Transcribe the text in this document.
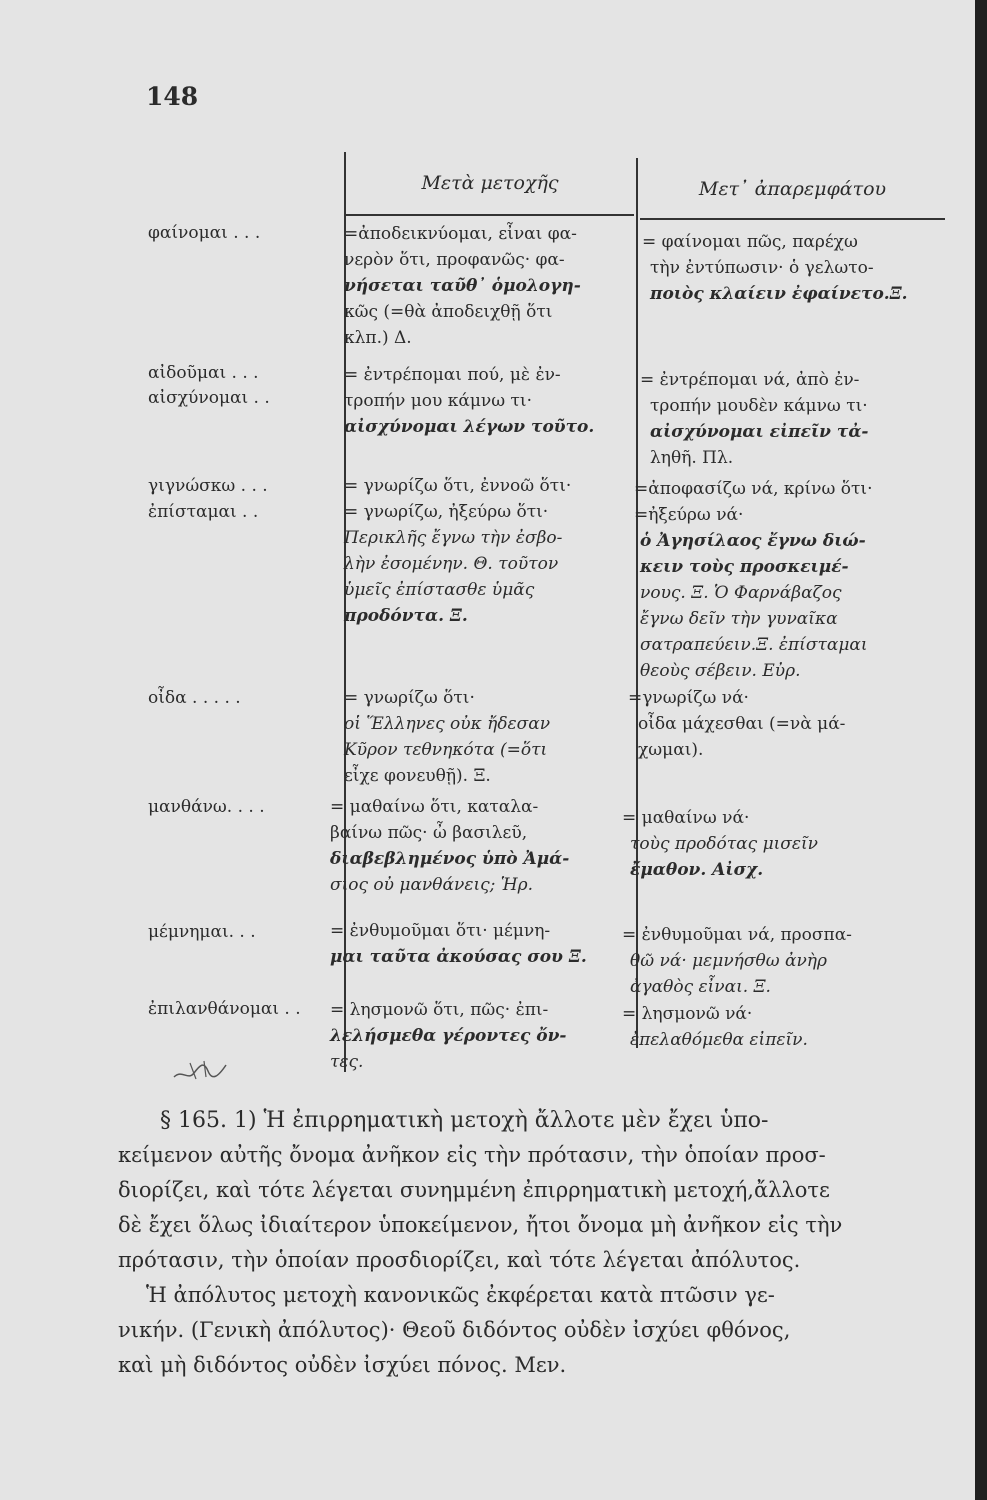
148
Μετὰ μετοχῆς	Μετ᾽ ἀπαρεμφάτου
φαίνομαι . . .
αἰδοῦμαι . . .
αἰσχύνομαι . .
γιγνώσκω . . .
ἐπίσταμαι . .
οἶδα . . . . .
μανθάνω. . . .
μέμνημαι. . .
ἐπιλανθάνομαι . .
=ἀποδεικνύομαι, εἶναι φα-
νερὸν ὅτι, προφανῶς· φα-
νήσεται ταῦθ᾽ ὁμολογη-
κῶς (=θὰ ἀποδειχθῇ ὅτι
κλπ.) Δ.
= ἐντρέπομαι πού, μὲ ἐν-
τροπήν μου κάμνω τι·
αἰσχύνομαι λέγων τοῦτο.
= γνωρίζω ὅτι, ἐννοῶ ὅτι·
= γνωρίζω, ἠξεύρω ὅτι·
Περικλῆς ἔγνω τὴν ἐσβο-
λὴν ἐσομένην. Θ. τοῦτον
ὑμεῖς ἐπίστασθε ὑμᾶς
προδόντα. Ξ.
= γνωρίζω ὅτι·
οἱ Ἕλληνες οὐκ ἤδεσαν
Κῦρον τεθνηκότα (=ὅτι
εἶχε φονευθῇ). Ξ.
= μαθαίνω ὅτι, καταλα-
βαίνω πῶς· ὦ βασιλεῦ,
διαβεβλημένος ὑπὸ Ἀμά-
σιος οὐ μανθάνεις; Ἡρ.
= ἐνθυμοῦμαι ὅτι· μέμνη-
μαι ταῦτα ἀκούσας σου Ξ.
= λησμονῶ ὅτι, πῶς· ἐπι-
λελήσμεθα γέροντες ὄν-
τες.
= φαίνομαι πῶς, παρέχω
τὴν ἐντύπωσιν· ὁ γελωτο-
ποιὸς κλαίειν ἐφαίνετο.Ξ.
= ἐντρέπομαι νά, ἀπὸ ἐν-
τροπήν μουδὲν κάμνω τι·
αἰσχύνομαι εἰπεῖν τἀ-
ληθῆ. Πλ.
=ἀποφασίζω νά, κρίνω ὅτι·
=ἠξεύρω νά·
ὁ Ἀγησίλαος ἔγνω διώ-
κειν τοὺς προσκειμέ-
νους. Ξ. Ὁ Φαρνάβαζος
ἔγνω δεῖν τὴν γυναῖκα
σατραπεύειν.Ξ. ἐπίσταμαι
θεοὺς σέβειν. Εὐρ.
=γνωρίζω νά·
οἶδα μάχεσθαι (=νὰ μά-
χωμαι).
= μαθαίνω νά·
τοὺς προδότας μισεῖν
ἔμαθον. Αἰσχ.
= ἐνθυμοῦμαι νά, προσπα-
θῶ νά· μεμνήσθω ἀνὴρ
ἀγαθὸς εἶναι. Ξ.
= λησμονῶ νά·
ἐπελαθόμεθα εἰπεῖν.
§ 165. 1) Ἡ ἐπιρρηματικὴ μετοχὴ ἄλλοτε μὲν ἔχει ὑπο-
κείμενον αὐτῆς ὄνομα ἀνῆκον εἰς τὴν πρότασιν, τὴν ὁποίαν προσ-
διορίζει, καὶ τότε λέγεται συνημμένη ἐπιρρηματικὴ μετοχή,ἄλλοτε
δὲ ἔχει ὅλως ἰδιαίτερον ὑποκείμενον, ἤτοι ὄνομα μὴ ἀνῆκον εἰς τὴν
πρότασιν, τὴν ὁποίαν προσδιορίζει, καὶ τότε λέγεται ἀπόλυτος.
Ἡ ἀπόλυτος μετοχὴ κανονικῶς ἐκφέρεται κατὰ πτῶσιν γε-
νικήν. (Γενικὴ ἀπόλυτος)· Θεοῦ διδόντος οὐδὲν ἰσχύει φθόνος,
καὶ μὴ διδόντος οὐδὲν ἰσχύει πόνος. Μεν.
